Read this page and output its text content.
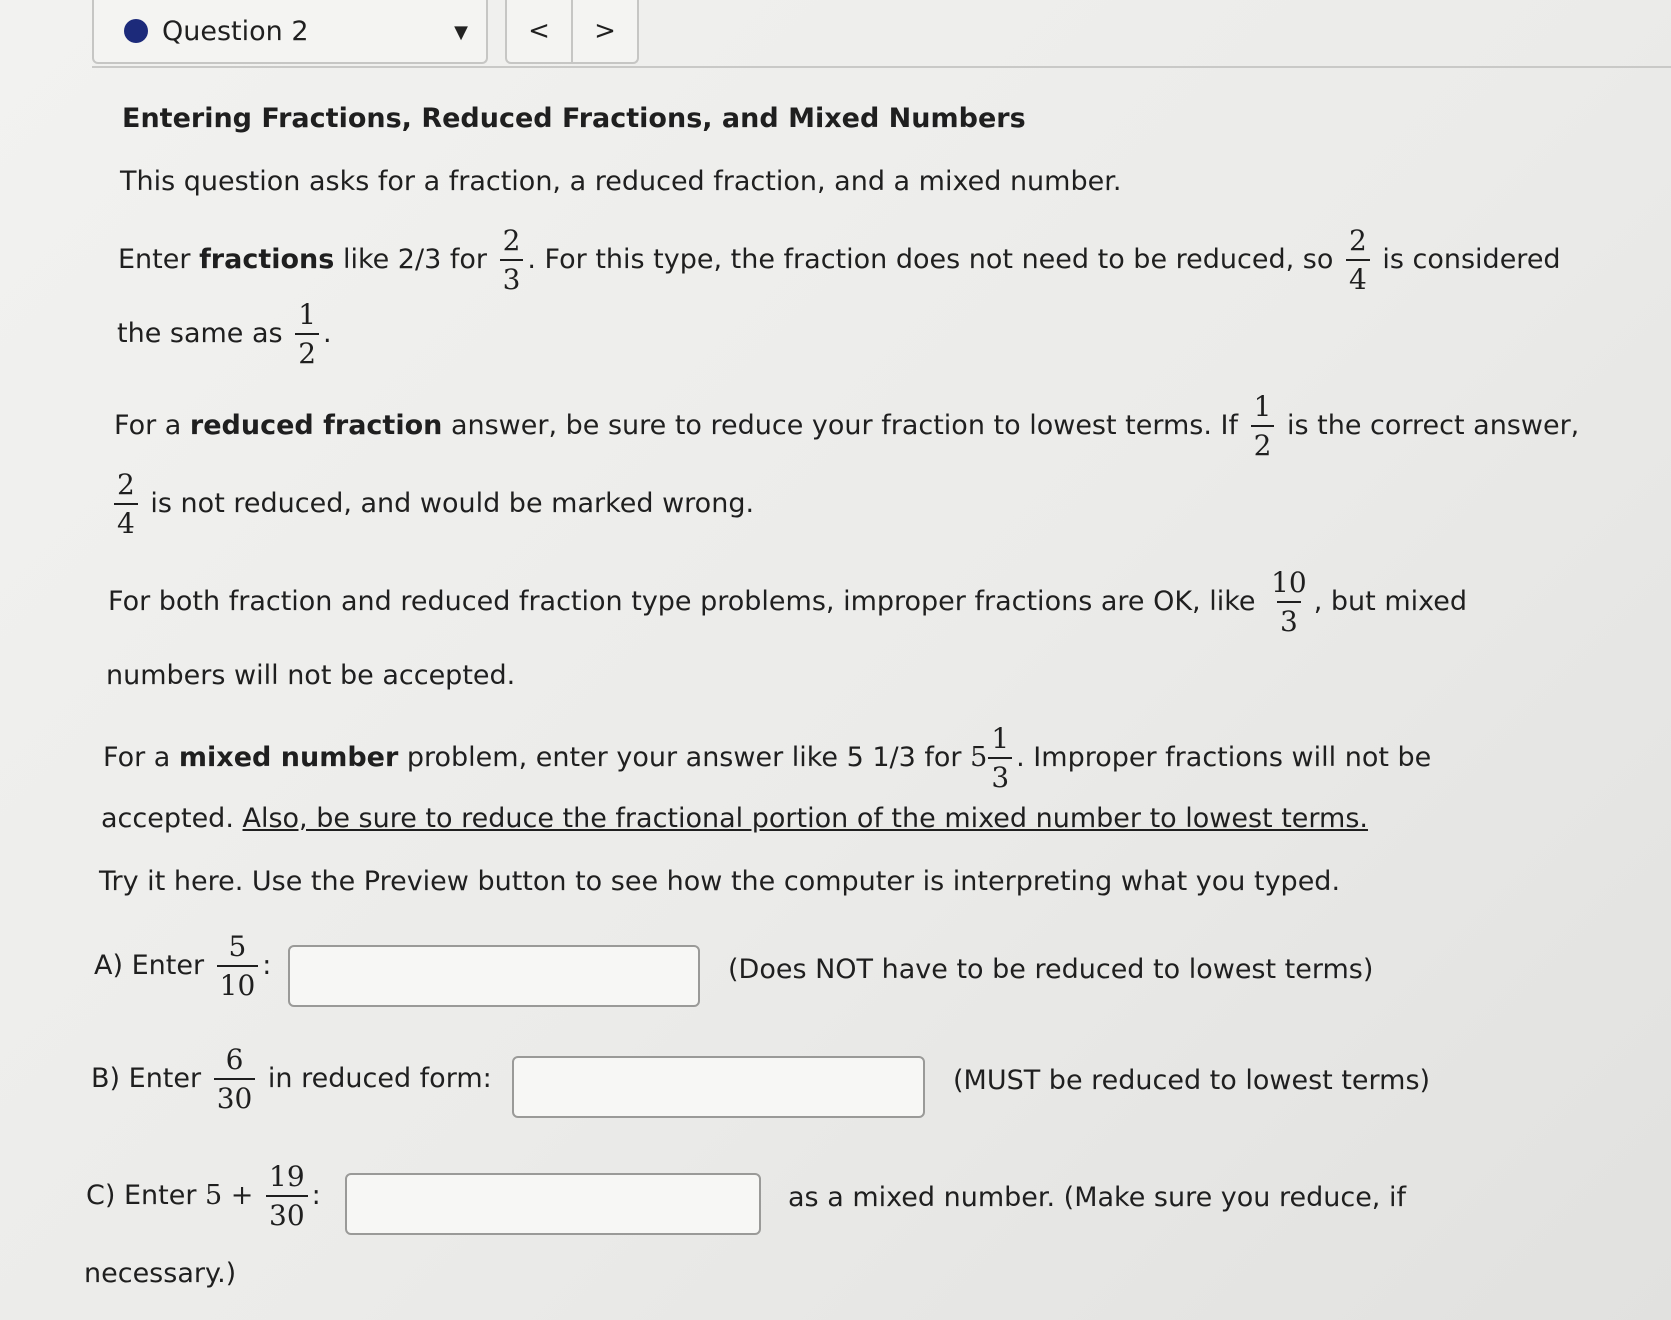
Question 2	▼	<	>
Entering Fractions, Reduced Fractions, and Mixed Numbers
This question asks for a fraction, a reduced fraction, and a mixed number.
Enter fractions like 2/3 for $\frac{2}{3}$ . For this type, the fraction does not need to be reduced, so $\frac{2}{4}$ is considered
the same as $\frac{1}{2}$ .
For a reduced fraction answer, be sure to reduce your fraction to lowest terms. If $\frac{1}{2}$ is the correct answer,
$\frac{2}{4}$ is not reduced, and would be marked wrong.
For both fraction and reduced fraction type problems, improper fractions are OK, like $\frac{10}{3}$ , but mixed
numbers will not be accepted.
For a mixed number problem, enter your answer like 5 1/3 for $5 \frac{1}{3}$ . Improper fractions will not be
accepted. Also, be sure to reduce the fractional portion of the mixed number to lowest terms.
Try it here. Use the Preview button to see how the computer is interpreting what you typed.
A) Enter $\frac{5}{10}$ :	(Does NOT have to be reduced to lowest terms)
B) Enter $\frac{6}{30}$ in reduced form:	(MUST be reduced to lowest terms)
C) Enter $5 + \frac{19}{30}$ :	as a mixed number. (Make sure you reduce, if
necessary.)
